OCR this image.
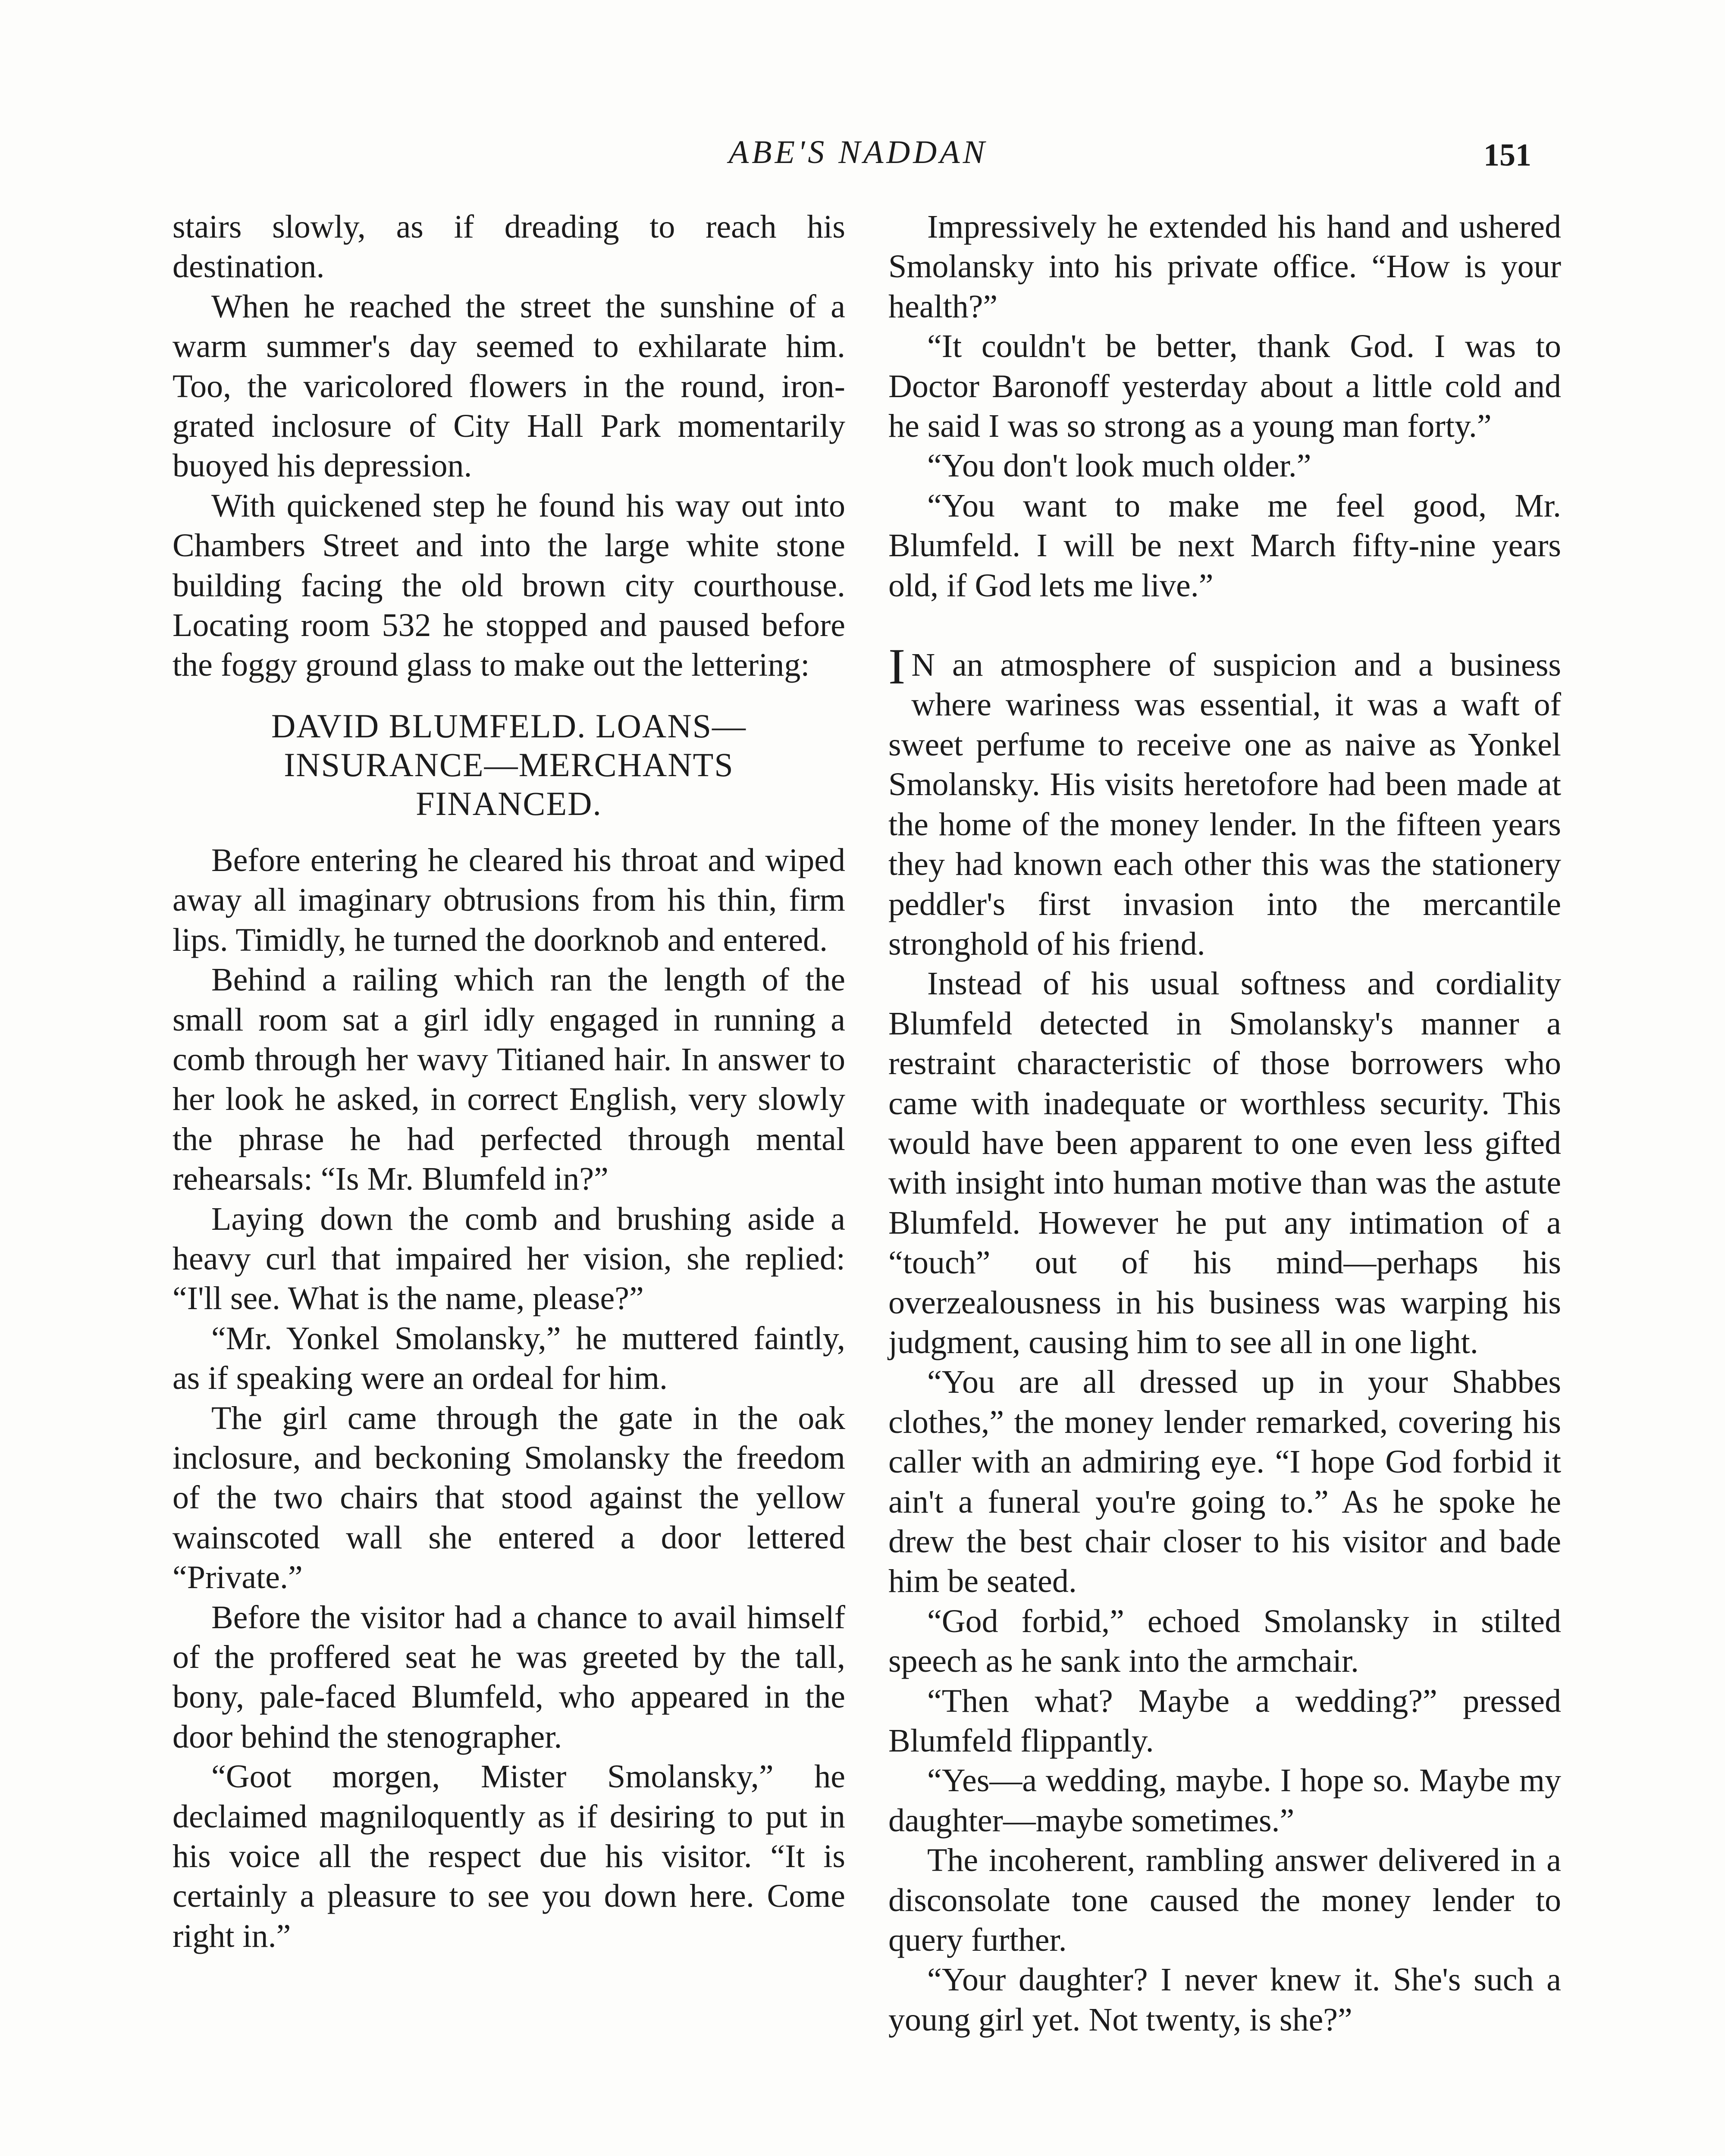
ABE'S NADDAN	151

stairs slowly, as if dreading to reach his destination.

When he reached the street the sunshine of a warm summer's day seemed to exhilarate him. Too, the varicolored flowers in the round, iron-grated inclosure of City Hall Park momentarily buoyed his depression.

With quickened step he found his way out into Chambers Street and into the large white stone building facing the old brown city courthouse. Locating room 532 he stopped and paused before the foggy ground glass to make out the lettering:

DAVID BLUMFELD. LOANS—
INSURANCE—MERCHANTS
FINANCED.

Before entering he cleared his throat and wiped away all imaginary obtrusions from his thin, firm lips. Timidly, he turned the doorknob and entered.

Behind a railing which ran the length of the small room sat a girl idly engaged in running a comb through her wavy Titianed hair. In answer to her look he asked, in correct English, very slowly the phrase he had perfected through mental rehearsals: “Is Mr. Blumfeld in?”

Laying down the comb and brushing aside a heavy curl that impaired her vision, she replied: “I'll see. What is the name, please?”

“Mr. Yonkel Smolansky,” he muttered faintly, as if speaking were an ordeal for him.

The girl came through the gate in the oak inclosure, and beckoning Smolansky the freedom of the two chairs that stood against the yellow wainscoted wall she entered a door lettered “Private.”

Before the visitor had a chance to avail himself of the proffered seat he was greeted by the tall, bony, pale-faced Blumfeld, who appeared in the door behind the stenographer.

“Goot morgen, Mister Smolansky,” he declaimed magniloquently as if desiring to put in his voice all the respect due his visitor. “It is certainly a pleasure to see you down here. Come right in.”

Impressively he extended his hand and ushered Smolansky into his private office. “How is your health?”

“It couldn't be better, thank God. I was to Doctor Baronoff yesterday about a little cold and he said I was so strong as a young man forty.”

“You don't look much older.”

“You want to make me feel good, Mr. Blumfeld. I will be next March fifty-nine years old, if God lets me live.”

I N an atmosphere of suspicion and a business where wariness was essential, it was a waft of sweet perfume to receive one as naive as Yonkel Smolansky. His visits heretofore had been made at the home of the money lender. In the fifteen years they had known each other this was the stationery peddler's first invasion into the mercantile stronghold of his friend.

Instead of his usual softness and cordiality Blumfeld detected in Smolansky's manner a restraint characteristic of those borrowers who came with inadequate or worthless security. This would have been apparent to one even less gifted with insight into human motive than was the astute Blumfeld. However he put any intimation of a “touch” out of his mind—perhaps his overzealousness in his business was warping his judgment, causing him to see all in one light.

“You are all dressed up in your Shabbes clothes,” the money lender remarked, covering his caller with an admiring eye. “I hope God forbid it ain't a funeral you're going to.” As he spoke he drew the best chair closer to his visitor and bade him be seated.

“God forbid,” echoed Smolansky in stilted speech as he sank into the armchair.

“Then what? Maybe a wedding?” pressed Blumfeld flippantly.

“Yes—a wedding, maybe. I hope so. Maybe my daughter—maybe sometimes.”

The incoherent, rambling answer delivered in a disconsolate tone caused the money lender to query further.

“Your daughter? I never knew it. She's such a young girl yet. Not twenty, is she?”
